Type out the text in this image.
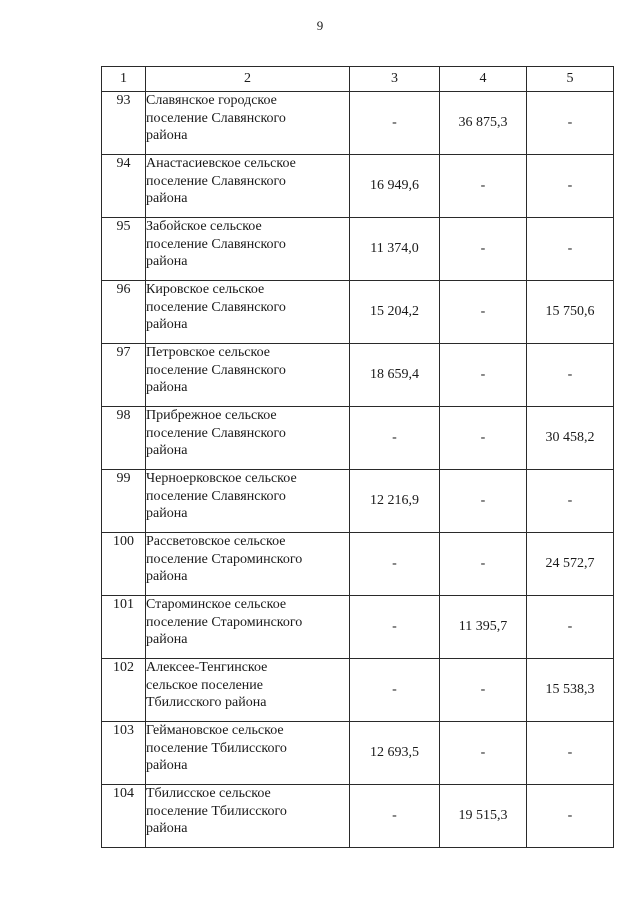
9
1	2	3	4	5
93	Славянское городское
поселение Славянского
района	-	36 875,3	-
94	Анастасиевское сельское
поселение Славянского
района	16 949,6	-	-
95	Забойское сельское
поселение Славянского
района	11 374,0	-	-
96	Кировское сельское
поселение Славянского
района	15 204,2	-	15 750,6
97	Петровское сельское
поселение Славянского
района	18 659,4	-	-
98	Прибрежное сельское
поселение Славянского
района	-	-	30 458,2
99	Черноерковское сельское
поселение Славянского
района	12 216,9	-	-
100	Рассветовское сельское
поселение Староминского
района	-	-	24 572,7
101	Староминское сельское
поселение Староминского
района	-	11 395,7	-
102	Алексее-Тенгинское
сельское поселение
Тбилисского района	-	-	15 538,3
103	Геймановское сельское
поселение Тбилисского
района	12 693,5	-	-
104	Тбилисское сельское
поселение Тбилисского
района	-	19 515,3	-
